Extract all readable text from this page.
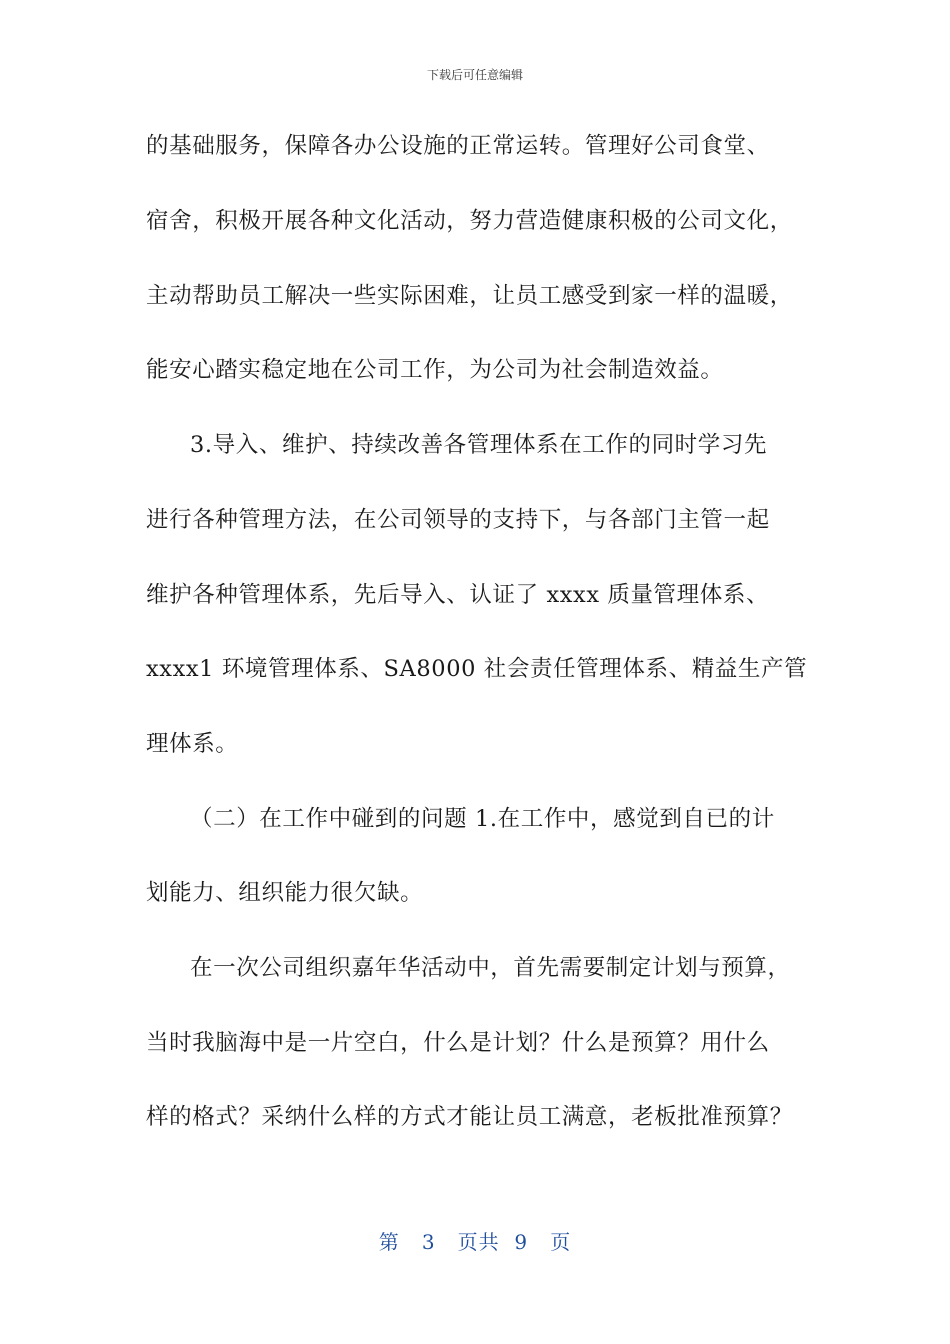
下载后可任意编辑
的基础服务，保障各办公设施的正常运转。管理好公司食堂、
宿舍，积极开展各种文化活动，努力营造健康积极的公司文化，
主动帮助员工解决一些实际困难，让员工感受到家一样的温暖，
能安心踏实稳定地在公司工作，为公司为社会制造效益。
3.导入、维护、持续改善各管理体系在工作的同时学习先
进行各种管理方法，在公司领导的支持下，与各部门主管一起
维护各种管理体系，先后导入、认证了 xxxx 质量管理体系、
xxxx1 环境管理体系、SA8000 社会责任管理体系、精益生产管
理体系。
（二）在工作中碰到的问题 1.在工作中，感觉到自已的计
划能力、组织能力很欠缺。
在一次公司组织嘉年华活动中，首先需要制定计划与预算，
当时我脑海中是一片空白，什么是计划？什么是预算？用什么
样的格式？采纳什么样的方式才能让员工满意，老板批准预算？
第 3 页共 9 页
